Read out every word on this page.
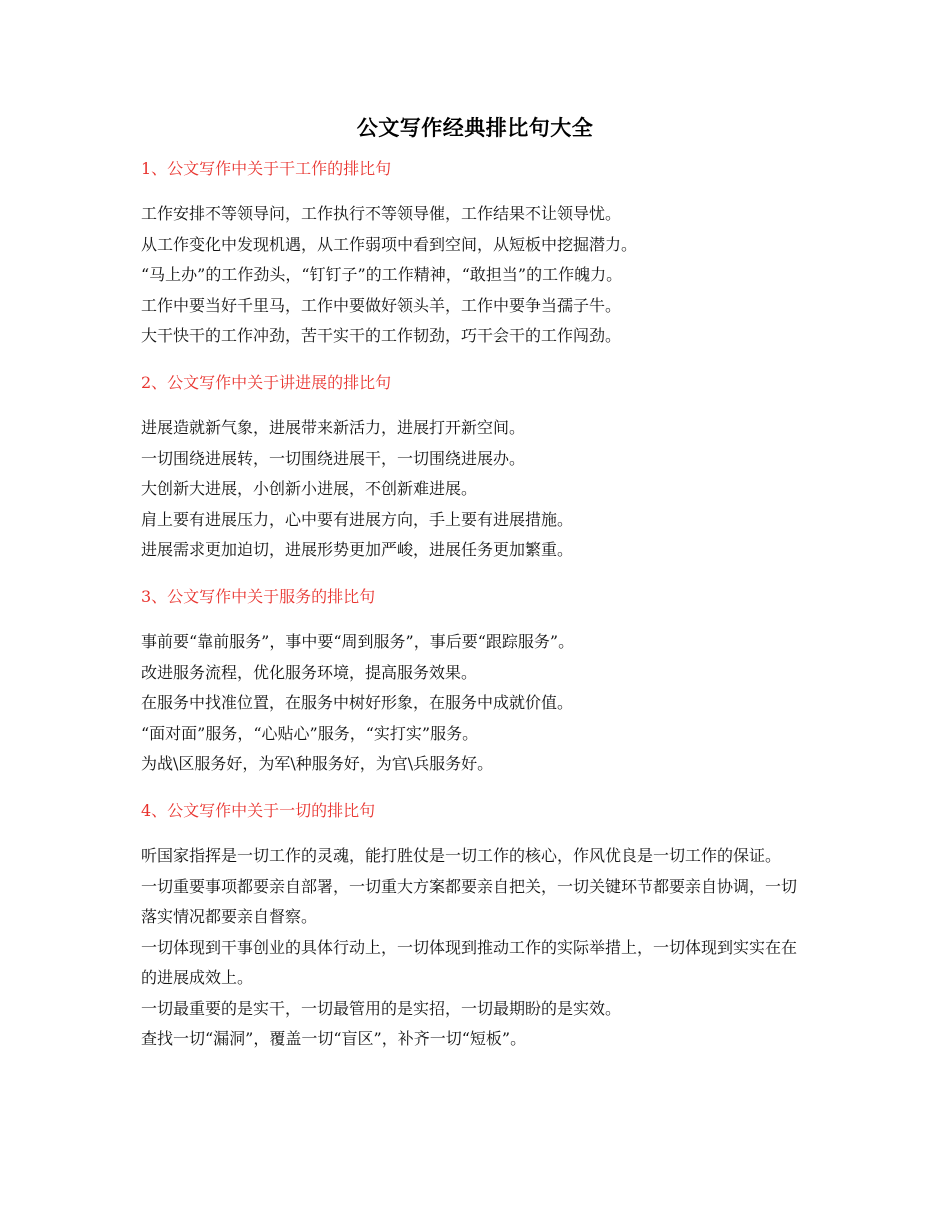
公文写作经典排比句大全
1、公文写作中关于干工作的排比句

工作安排不等领导问，工作执行不等领导催，工作结果不让领导忧。

从工作变化中发现机遇，从工作弱项中看到空间，从短板中挖掘潜力。

“马上办”的工作劲头，“钉钉子”的工作精神，“敢担当”的工作魄力。

工作中要当好千里马，工作中要做好领头羊，工作中要争当孺子牛。

大干快干的工作冲劲，苦干实干的工作韧劲，巧干会干的工作闯劲。

2、公文写作中关于讲进展的排比句

进展造就新气象，进展带来新活力，进展打开新空间。

一切围绕进展转，一切围绕进展干，一切围绕进展办。

大创新大进展，小创新小进展，不创新难进展。

肩上要有进展压力，心中要有进展方向，手上要有进展措施。

进展需求更加迫切，进展形势更加严峻，进展任务更加繁重。

3、公文写作中关于服务的排比句

事前要“靠前服务”，事中要“周到服务”，事后要“跟踪服务”。

改进服务流程，优化服务环境，提高服务效果。

在服务中找准位置，在服务中树好形象，在服务中成就价值。

“面对面”服务，“心贴心”服务，“实打实”服务。

为战\区服务好，为军\种服务好，为官\兵服务好。

4、公文写作中关于一切的排比句

听国家指挥是一切工作的灵魂，能打胜仗是一切工作的核心，作风优良是一切工作的保证。

一切重要事项都要亲自部署，一切重大方案都要亲自把关，一切关键环节都要亲自协调，一切落实情况都要亲自督察。

一切体现到干事创业的具体行动上，一切体现到推动工作的实际举措上，一切体现到实实在在的进展成效上。

一切最重要的是实干，一切最管用的是实招，一切最期盼的是实效。

查找一切“漏洞”，覆盖一切“盲区”，补齐一切“短板”。
